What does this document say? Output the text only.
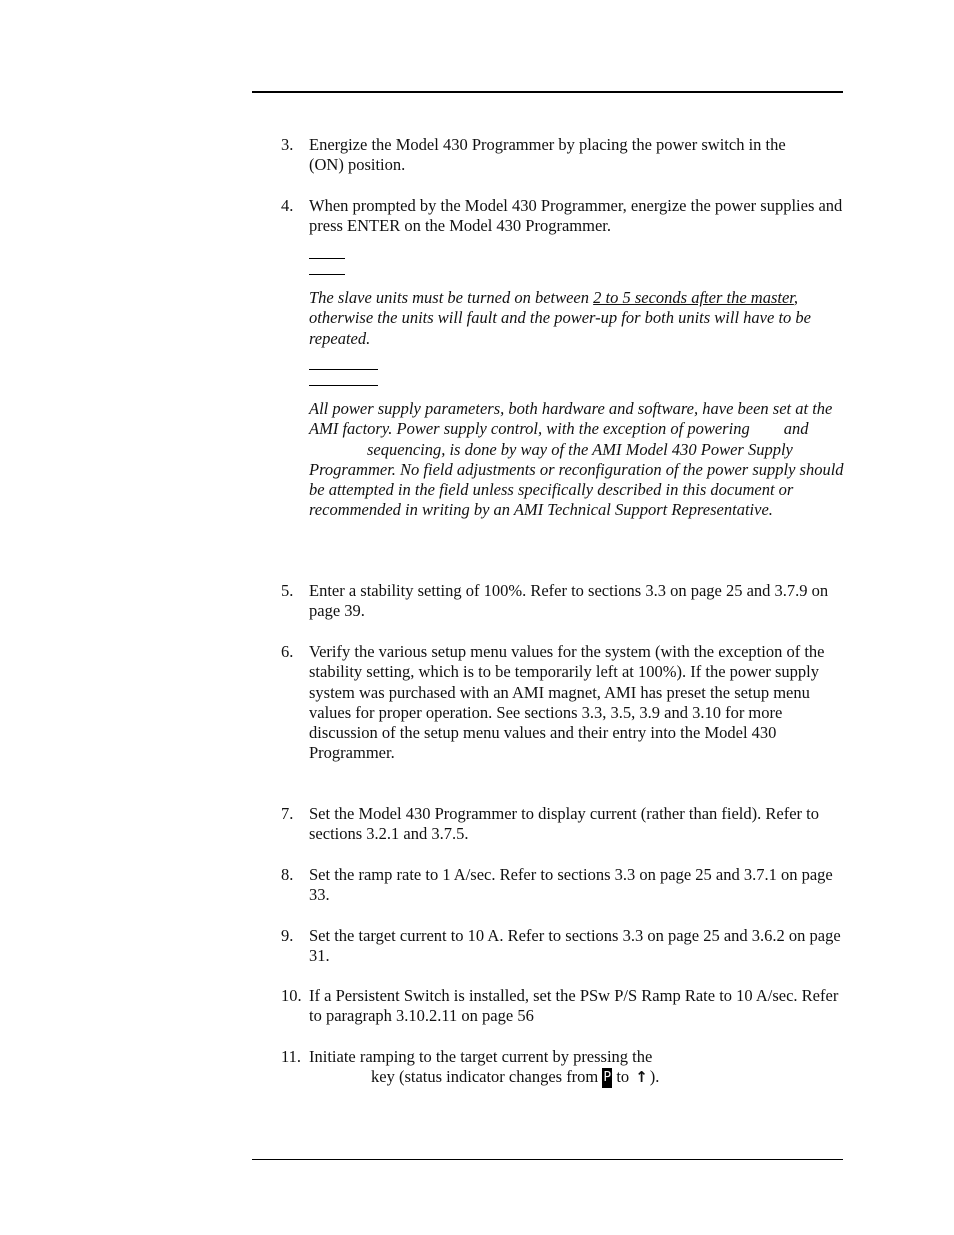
3. Energize the Model 430 Programmer by placing the power switch in the (ON) position.
4. When prompted by the Model 430 Programmer, energize the power supplies and press ENTER on the Model 430 Programmer.
The slave units must be turned on between 2 to 5 seconds after the master, otherwise the units will fault and the power-up for both units will have to be repeated.
All power supply parameters, both hardware and software, have been set at the AMI factory. Power supply control, with the exception of powering andsequencing, is done by way of the AMI Model 430 Power Supply Programmer. No field adjustments or reconfiguration of the power supply should be attempted in the field unless specifically described in this document or recommended in writing by an AMI Technical Support Representative.
5. Enter a stability setting of 100%. Refer to sections 3.3 on page 25 and 3.7.9 on page 39.
6. Verify the various setup menu values for the system (with the exception of the stability setting, which is to be temporarily left at 100%). If the power supply system was purchased with an AMI magnet, AMI has preset the setup menu values for proper operation. See sections 3.3, 3.5, 3.9 and 3.10 for more discussion of the setup menu values and their entry into the Model 430 Programmer.
7. Set the Model 430 Programmer to display current (rather than field). Refer to sections 3.2.1 and 3.7.5.
8. Set the ramp rate to 1 A/sec. Refer to sections 3.3 on page 25 and 3.7.1 on page 33.
9. Set the target current to 10 A. Refer to sections 3.3 on page 25 and 3.6.2 on page 31.
10. If a Persistent Switch is installed, set the PSw P/S Ramp Rate to 10 A/sec. Refer to paragraph 3.10.2.11 on page 56
11. Initiate ramping to the target current by pressing the
key (status indicator changes from P to ↑ ).
